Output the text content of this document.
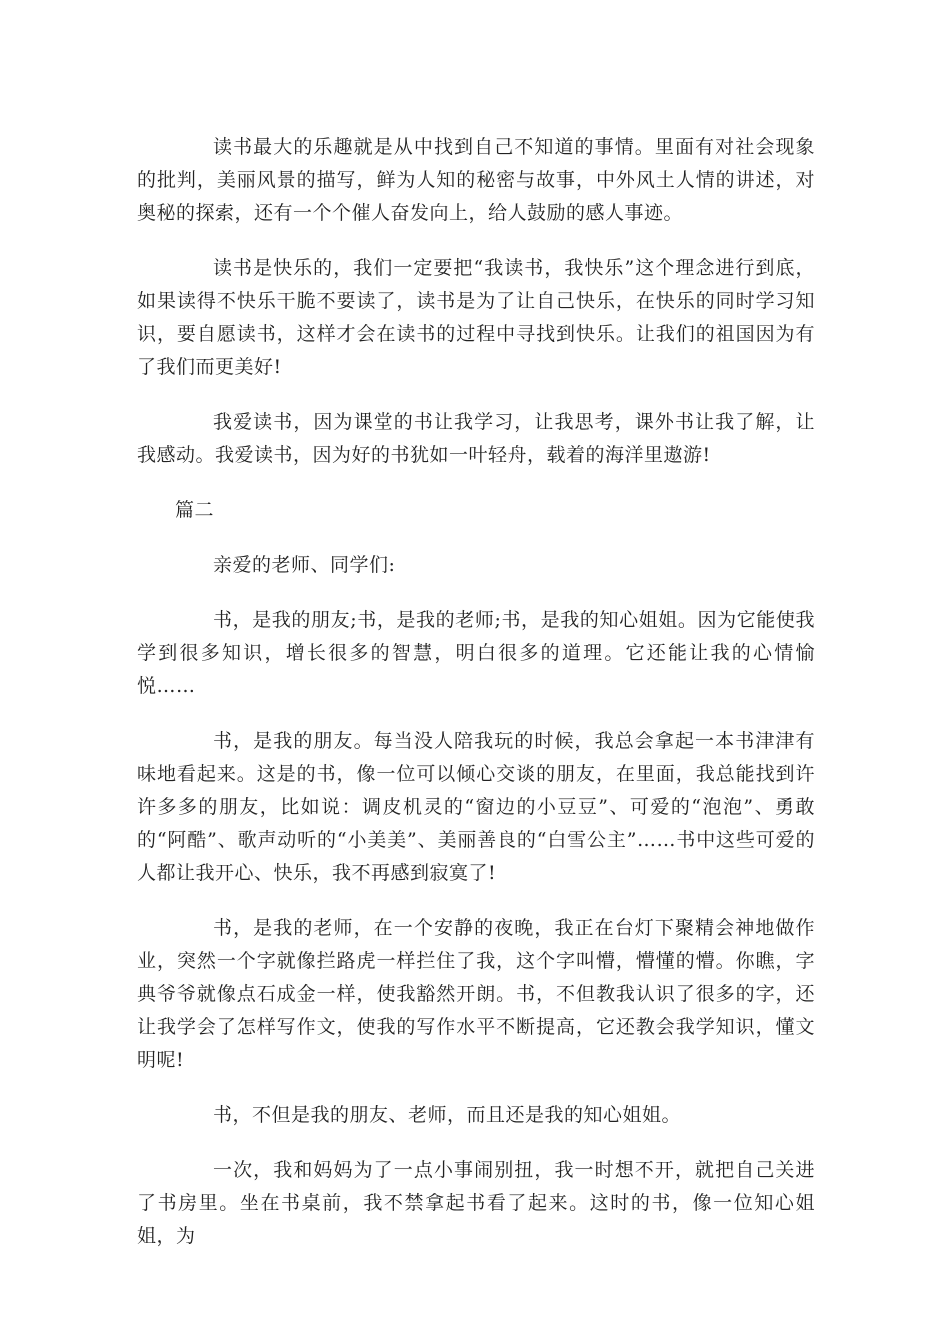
读书最大的乐趣就是从中找到自己不知道的事情。里面有对社会现象的批判，美丽风景的描写，鲜为人知的秘密与故事，中外风土人情的讲述，对奥秘的探索，还有一个个催人奋发向上，给人鼓励的感人事迹。

读书是快乐的，我们一定要把“我读书，我快乐”这个理念进行到底，如果读得不快乐干脆不要读了，读书是为了让自己快乐，在快乐的同时学习知识，要自愿读书，这样才会在读书的过程中寻找到快乐。让我们的祖国因为有了我们而更美好!

我爱读书，因为课堂的书让我学习，让我思考，课外书让我了解，让我感动。我爱读书，因为好的书犹如一叶轻舟，载着的海洋里遨游!

篇二

亲爱的老师、同学们:

书，是我的朋友;书，是我的老师;书，是我的知心姐姐。因为它能使我学到很多知识，增长很多的智慧，明白很多的道理。它还能让我的心情愉悦……

书，是我的朋友。每当没人陪我玩的时候，我总会拿起一本书津津有味地看起来。这是的书，像一位可以倾心交谈的朋友，在里面，我总能找到许许多多的朋友，比如说：调皮机灵的“窗边的小豆豆”、可爱的“泡泡”、勇敢的“阿酷”、歌声动听的“小美美”、美丽善良的“白雪公主”……书中这些可爱的人都让我开心、快乐，我不再感到寂寞了!

书，是我的老师，在一个安静的夜晚，我正在台灯下聚精会神地做作业，突然一个字就像拦路虎一样拦住了我，这个字叫懵，懵懂的懵。你瞧，字典爷爷就像点石成金一样，使我豁然开朗。书，不但教我认识了很多的字，还让我学会了怎样写作文，使我的写作水平不断提高，它还教会我学知识，懂文明呢!

书，不但是我的朋友、老师，而且还是我的知心姐姐。

一次，我和妈妈为了一点小事闹别扭，我一时想不开，就把自己关进了书房里。坐在书桌前，我不禁拿起书看了起来。这时的书，像一位知心姐姐，为
